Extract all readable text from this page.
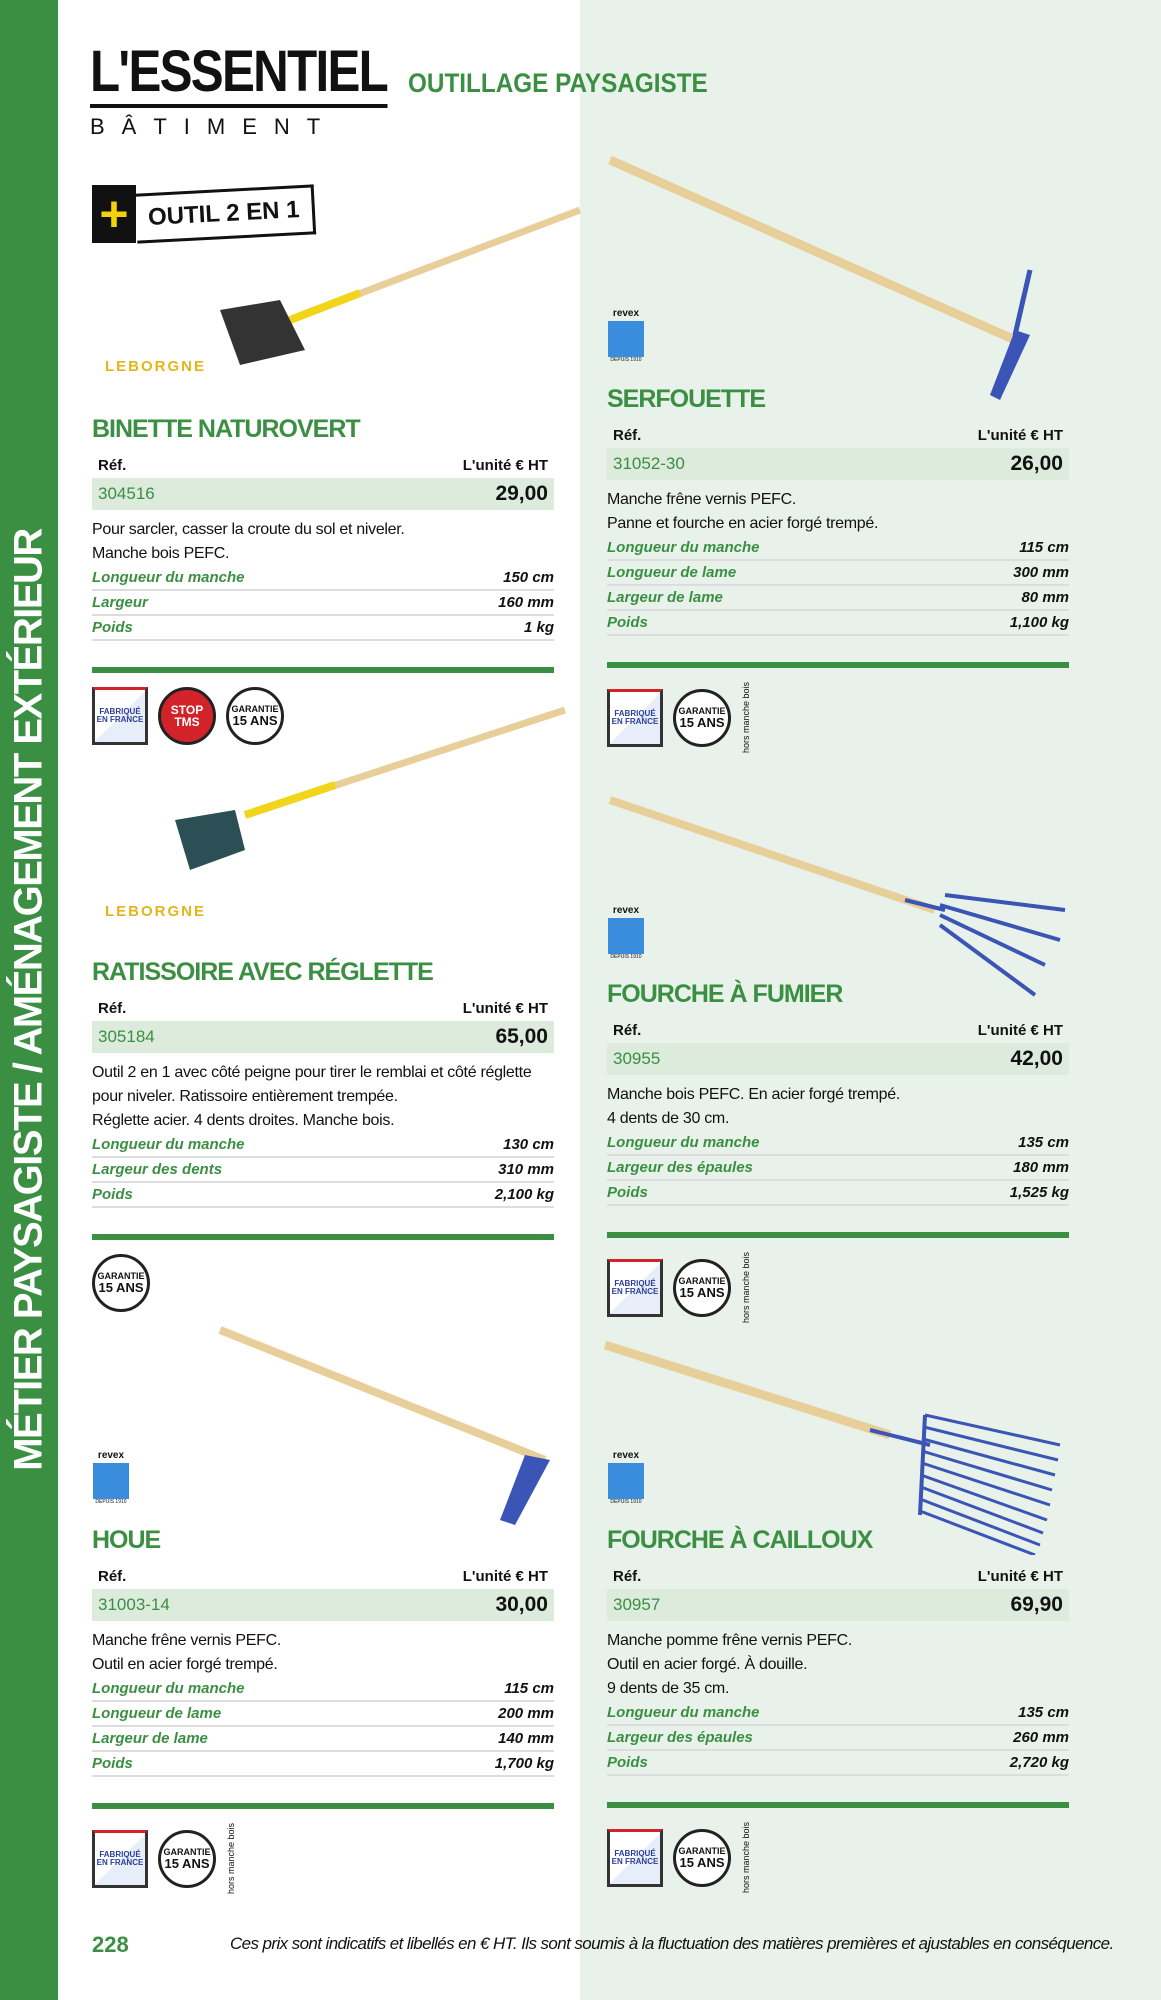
MÉTIER PAYSAGISTE / AMÉNAGEMENT EXTÉRIEUR
L'ESSENTIEL
BÂTIMENT
OUTILLAGE PAYSAGISTE
+ OUTIL 2 EN 1
LEBORGNE
LEBORGNE
revex
DEPUIS 1910
revex
DEPUIS 1910
revex
DEPUIS 1910
revex
DEPUIS 1910
BINETTE NATUROVERT
Réf.	L'unité € HT
304516	29,00
Pour sarcler, casser la croute du sol et niveler.
Manche bois PEFC.
Longueur du manche	150 cm
Largeur	160 mm
Poids	1 kg
FABRIQUÉ EN FRANCE
STOP
TMS
GARANTIE
15 ANS
RATISSOIRE AVEC RÉGLETTE
Réf.	L'unité € HT
305184	65,00
Outil 2 en 1 avec côté peigne pour tirer le remblai et côté réglette
pour niveler. Ratissoire entièrement trempée.
Réglette acier. 4 dents droites. Manche bois.
Longueur du manche	130 cm
Largeur des dents	310 mm
Poids	2,100 kg
GARANTIE
15 ANS
HOUE
Réf.	L'unité € HT
31003-14	30,00
Manche frêne vernis PEFC.
Outil en acier forgé trempé.
Longueur du manche	115 cm
Longueur de lame	200 mm
Largeur de lame	140 mm
Poids	1,700 kg
FABRIQUÉ EN FRANCE
GARANTIE
15 ANS hors manche bois
SERFOUETTE
Réf.	L'unité € HT
31052-30	26,00
Manche frêne vernis PEFC.
Panne et fourche en acier forgé trempé.
Longueur du manche	115 cm
Longueur de lame	300 mm
Largeur de lame	80 mm
Poids	1,100 kg
FABRIQUÉ EN FRANCE
GARANTIE
15 ANS hors manche bois
FOURCHE À FUMIER
Réf.	L'unité € HT
30955	42,00
Manche bois PEFC. En acier forgé trempé.
4 dents de 30 cm.
Longueur du manche	135 cm
Largeur des épaules	180 mm
Poids	1,525 kg
FABRIQUÉ EN FRANCE
GARANTIE
15 ANS hors manche bois
FOURCHE À CAILLOUX
Réf.	L'unité € HT
30957	69,90
Manche pomme frêne vernis PEFC.
Outil en acier forgé. À douille.
9 dents de 35 cm.
Longueur du manche	135 cm
Largeur des épaules	260 mm
Poids	2,720 kg
FABRIQUÉ EN FRANCE
GARANTIE
15 ANS hors manche bois
228	Ces prix sont indicatifs et libellés en € HT. Ils sont soumis à la fluctuation des matières premières et ajustables en conséquence.
